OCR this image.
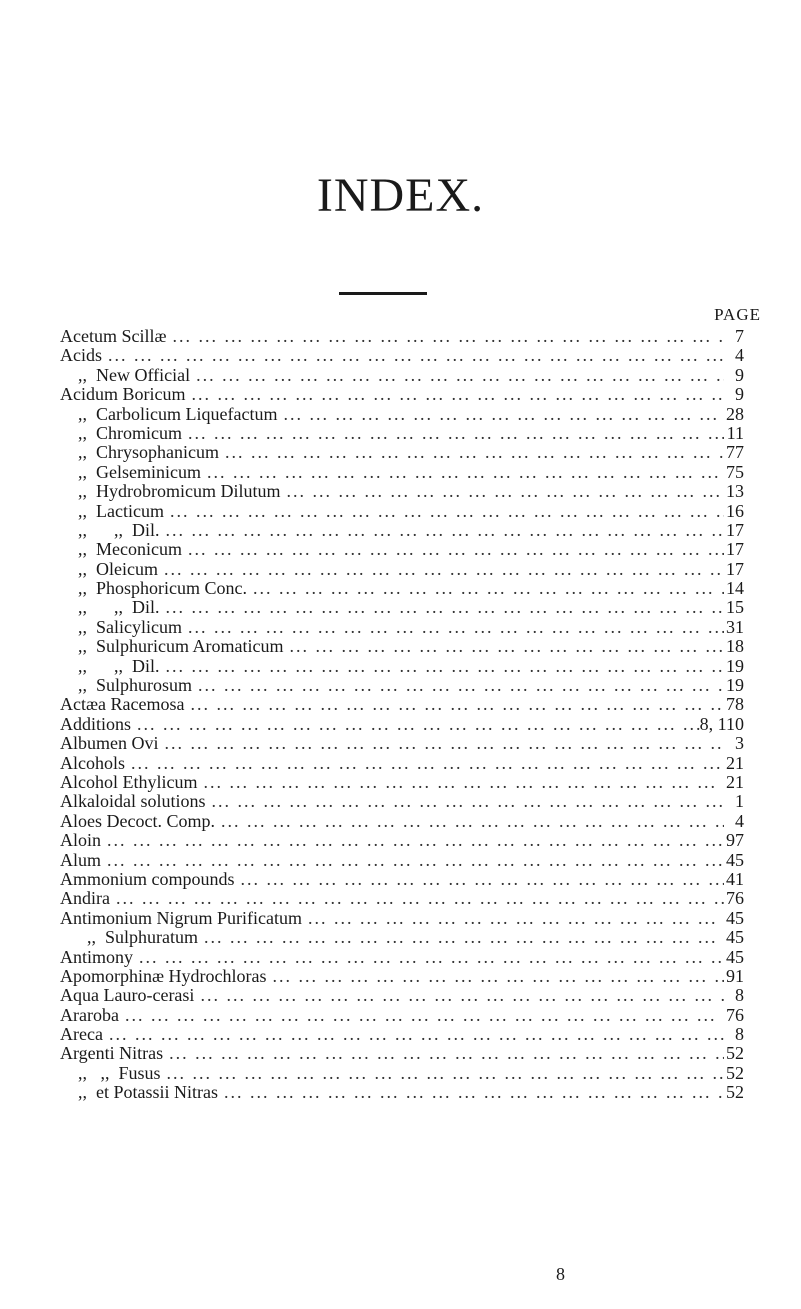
INDEX.
PAGE
Acetum Scillæ ... .	7
Acids ... .	4
,, New Official ... .	9
Acidum Boricum ... .	9
,, Carbolicum Liquefactum ... .	28
,, Chromicum ... .	11
,, Chrysophanicum ... .	77
,, Gelseminicum ... .	75
,, Hydrobromicum Dilutum ... .	13
,, Lacticum ... .	16
,,      ,, Dil. ... .	17
,, Meconicum ... .	17
,, Oleicum ... .	17
,, Phosphoricum Conc. ... .	14
,,      ,, Dil. ... .	15
,, Salicylicum ... .	31
,, Sulphuricum Aromaticum ... .	18
,,      ,, Dil. ... .	19
,, Sulphurosum ... .	19
Actæa Racemosa ... .	78
Additions ... .	8, 110
Albumen Ovi ... .	3
Alcohols ... .	21
Alcohol Ethylicum ... .	21
Alkaloidal solutions ... .	1
Aloes Decoct. Comp. ... .	4
Aloin ... .	97
Alum ... .	45
Ammonium compounds ... .	41
Andira ... .	76
Antimonium Nigrum Purificatum ... .	45
,, Sulphuratum ... .	45
Antimony ... .	45
Apomorphinæ Hydrochloras ... .	91
Aqua Lauro-cerasi ... .	8
Araroba ... .	76
Areca ... .	8
Argenti Nitras ... .	52
,,   ,, Fusus ... .	52
,, et Potassii Nitras ... .	52
8
